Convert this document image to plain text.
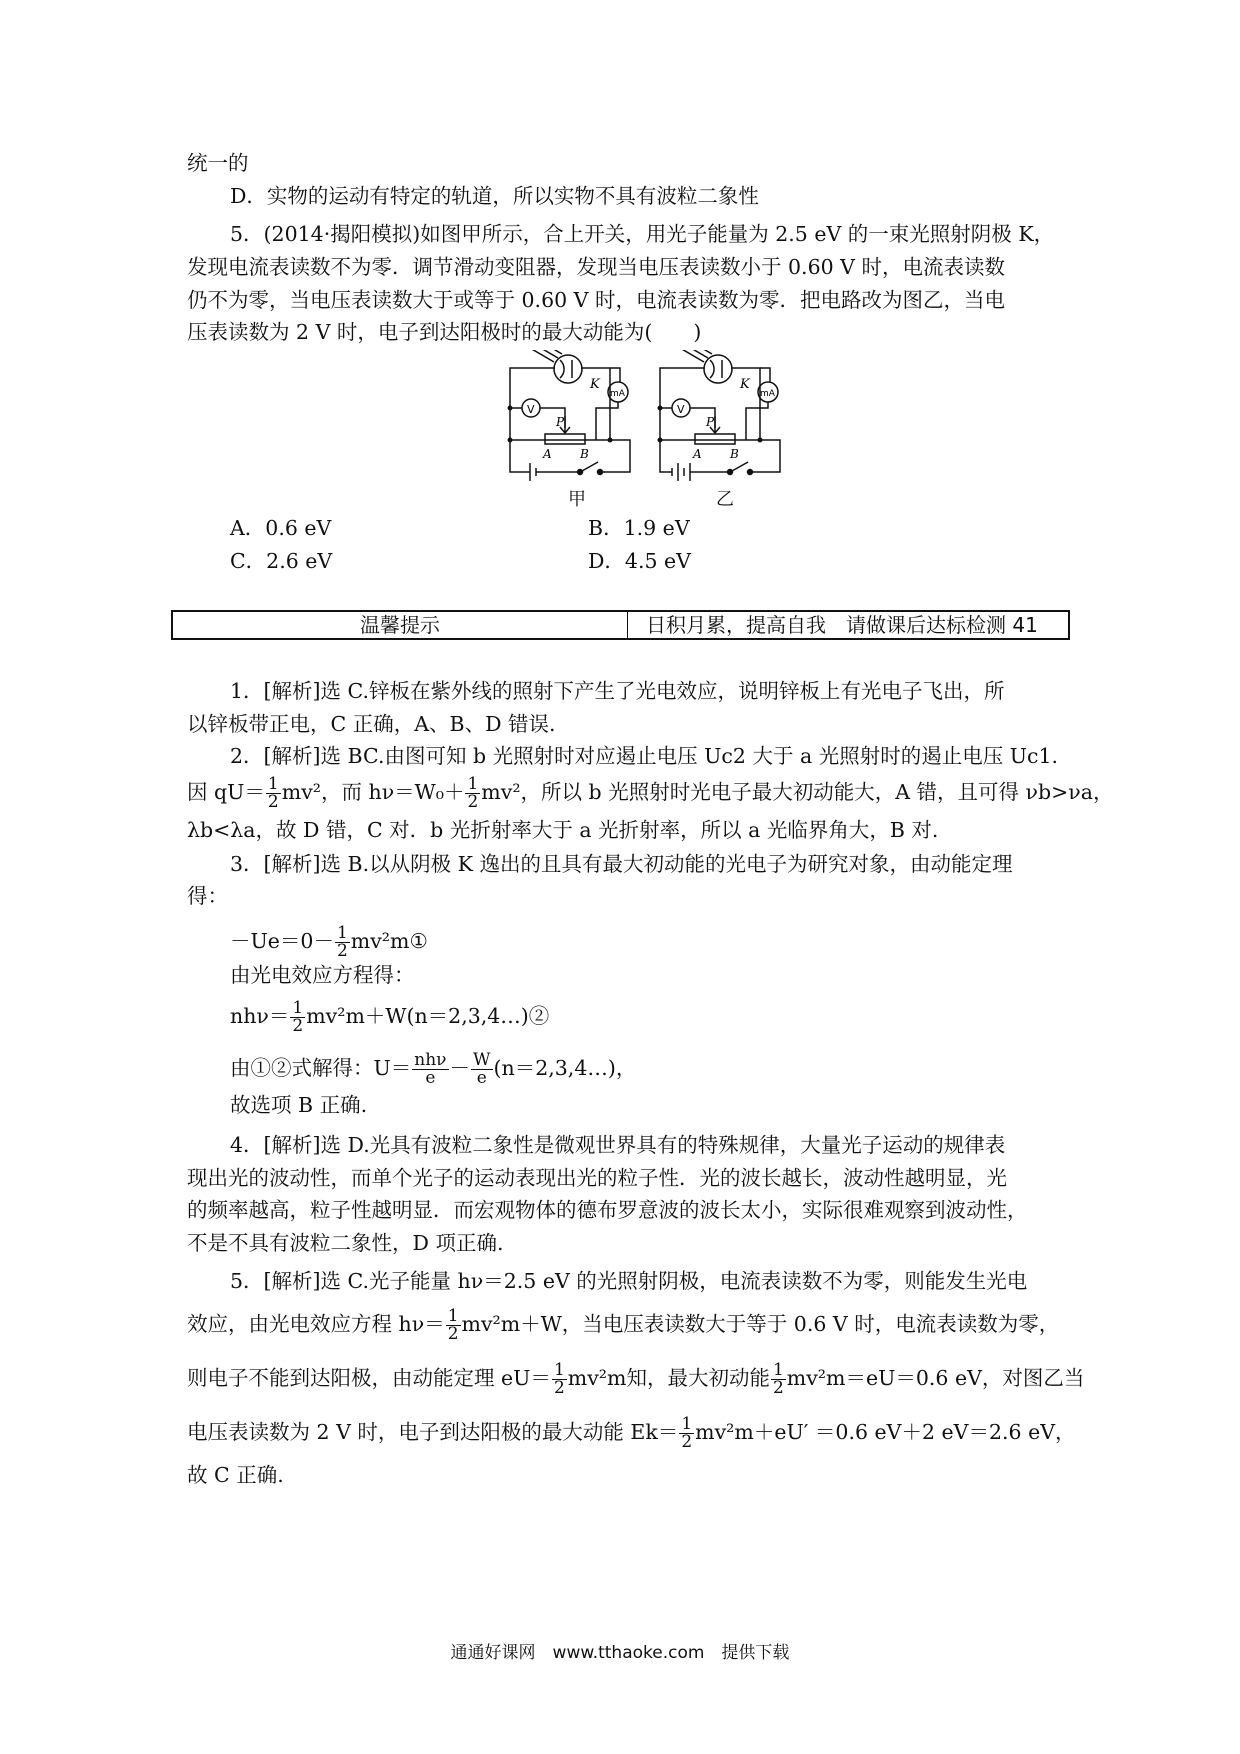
统一的
D．实物的运动有特定的轨道，所以实物不具有波粒二象性
5．(2014·揭阳模拟)如图甲所示，合上开关，用光子能量为 2.5 eV 的一束光照射阴极 K，
发现电流表读数不为零．调节滑动变阻器，发现当电压表读数小于 0.60 V 时，电流表读数
仍不为零，当电压表读数大于或等于 0.60 V 时，电流表读数为零．把电路改为图乙，当电
压表读数为 2 V 时，电子到达阳极时的最大动能为(　　)
K
mA
V
P
A B
甲
K
mA
V
P
A B
乙
A．0.6 eV	B．1.9 eV
C．2.6 eV	D．4.5 eV
温馨提示	日积月累，提高自我　请做课后达标检测 41
1．[解析]选 C.锌板在紫外线的照射下产生了光电效应，说明锌板上有光电子飞出，所
以锌板带正电，C 正确，A、B、D 错误.
2．[解析]选 BC.由图可知 b 光照射时对应遏止电压 Uc2 大于 a 光照射时的遏止电压 Uc1.
因 $qU= \frac{1}{2} mv^2$，而 $h\nu=W_0+ \frac{1}{2} mv^2$，所以 b 光照射时光电子最大初动能大，A 错，且可得 νb>νa，
λb<λa，故 D 错，C 对．b 光折射率大于 a 光折射率，所以 a 光临界角大，B 对.
3．[解析]选 B.以从阴极 K 逸出的且具有最大初动能的光电子为研究对象，由动能定理
得：
$-Ue=0- \frac{1}{2}$ mv²m①
由光电效应方程得：
$nh\nu= \frac{1}{2}$ mv²m＋W(n＝2,3,4…)②
由①②式解得：$U= \frac{\text{nhν}}{e} - \frac{W}{e}$ (n＝2,3,4…)，
故选项 B 正确.
4．[解析]选 D.光具有波粒二象性是微观世界具有的特殊规律，大量光子运动的规律表
现出光的波动性，而单个光子的运动表现出光的粒子性．光的波长越长，波动性越明显，光
的频率越高，粒子性越明显．而宏观物体的德布罗意波的波长太小，实际很难观察到波动性，
不是不具有波粒二象性，D 项正确.
5．[解析]选 C.光子能量 hν＝2.5 eV 的光照射阴极，电流表读数不为零，则能发生光电
效应，由光电效应方程 $h\nu= \frac{1}{2} mv^2m+W$，当电压表读数大于等于 0.6 V 时，电流表读数为零，
则电子不能到达阳极，由动能定理 $eU= \frac{1}{2} mv^2m$知，最大初动能 $\frac{1}{2} mv^2m=eU=0.6$ eV，对图乙当
电压表读数为 2 V 时，电子到达阳极的最大动能 $Ek= \frac{1}{2} mv^2m+eU' =0.6$ eV＋2 eV＝2.6 eV，
故 C 正确.
通通好课网　www.tthaoke.com　提供下载
